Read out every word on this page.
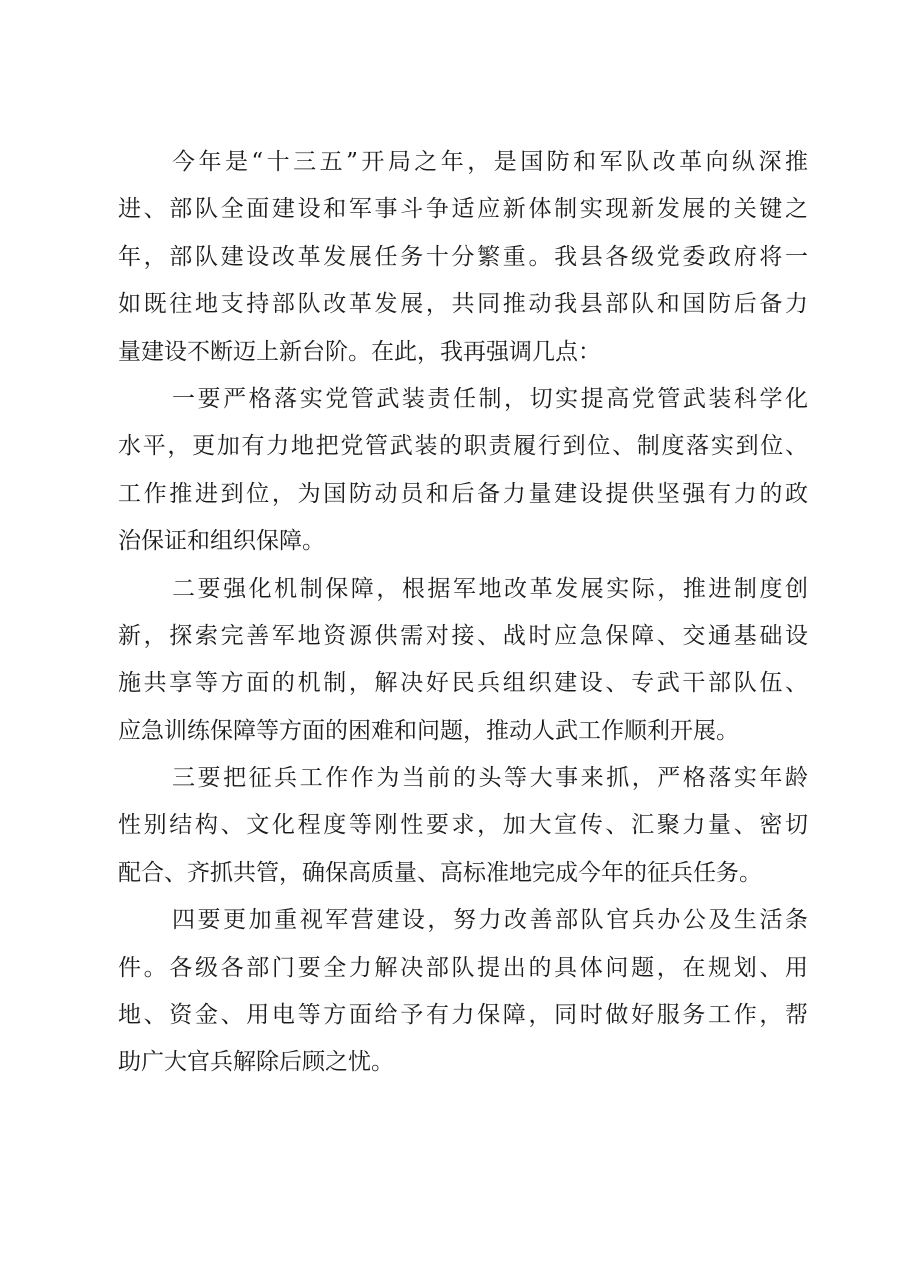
今年是“十三五”开局之年，是国防和军队改革向纵深推
进、部队全面建设和军事斗争适应新体制实现新发展的关键之
年，部队建设改革发展任务十分繁重。我县各级党委政府将一
如既往地支持部队改革发展，共同推动我县部队和国防后备力
量建设不断迈上新台阶。在此，我再强调几点：
一要严格落实党管武装责任制，切实提高党管武装科学化
水平，更加有力地把党管武装的职责履行到位、制度落实到位、
工作推进到位，为国防动员和后备力量建设提供坚强有力的政
治保证和组织保障。
二要强化机制保障，根据军地改革发展实际，推进制度创
新，探索完善军地资源供需对接、战时应急保障、交通基础设
施共享等方面的机制，解决好民兵组织建设、专武干部队伍、
应急训练保障等方面的困难和问题，推动人武工作顺利开展。
三要把征兵工作作为当前的头等大事来抓，严格落实年龄
性别结构、文化程度等刚性要求，加大宣传、汇聚力量、密切
配合、齐抓共管，确保高质量、高标准地完成今年的征兵任务。
四要更加重视军营建设，努力改善部队官兵办公及生活条
件。各级各部门要全力解决部队提出的具体问题，在规划、用
地、资金、用电等方面给予有力保障，同时做好服务工作，帮
助广大官兵解除后顾之忧。
